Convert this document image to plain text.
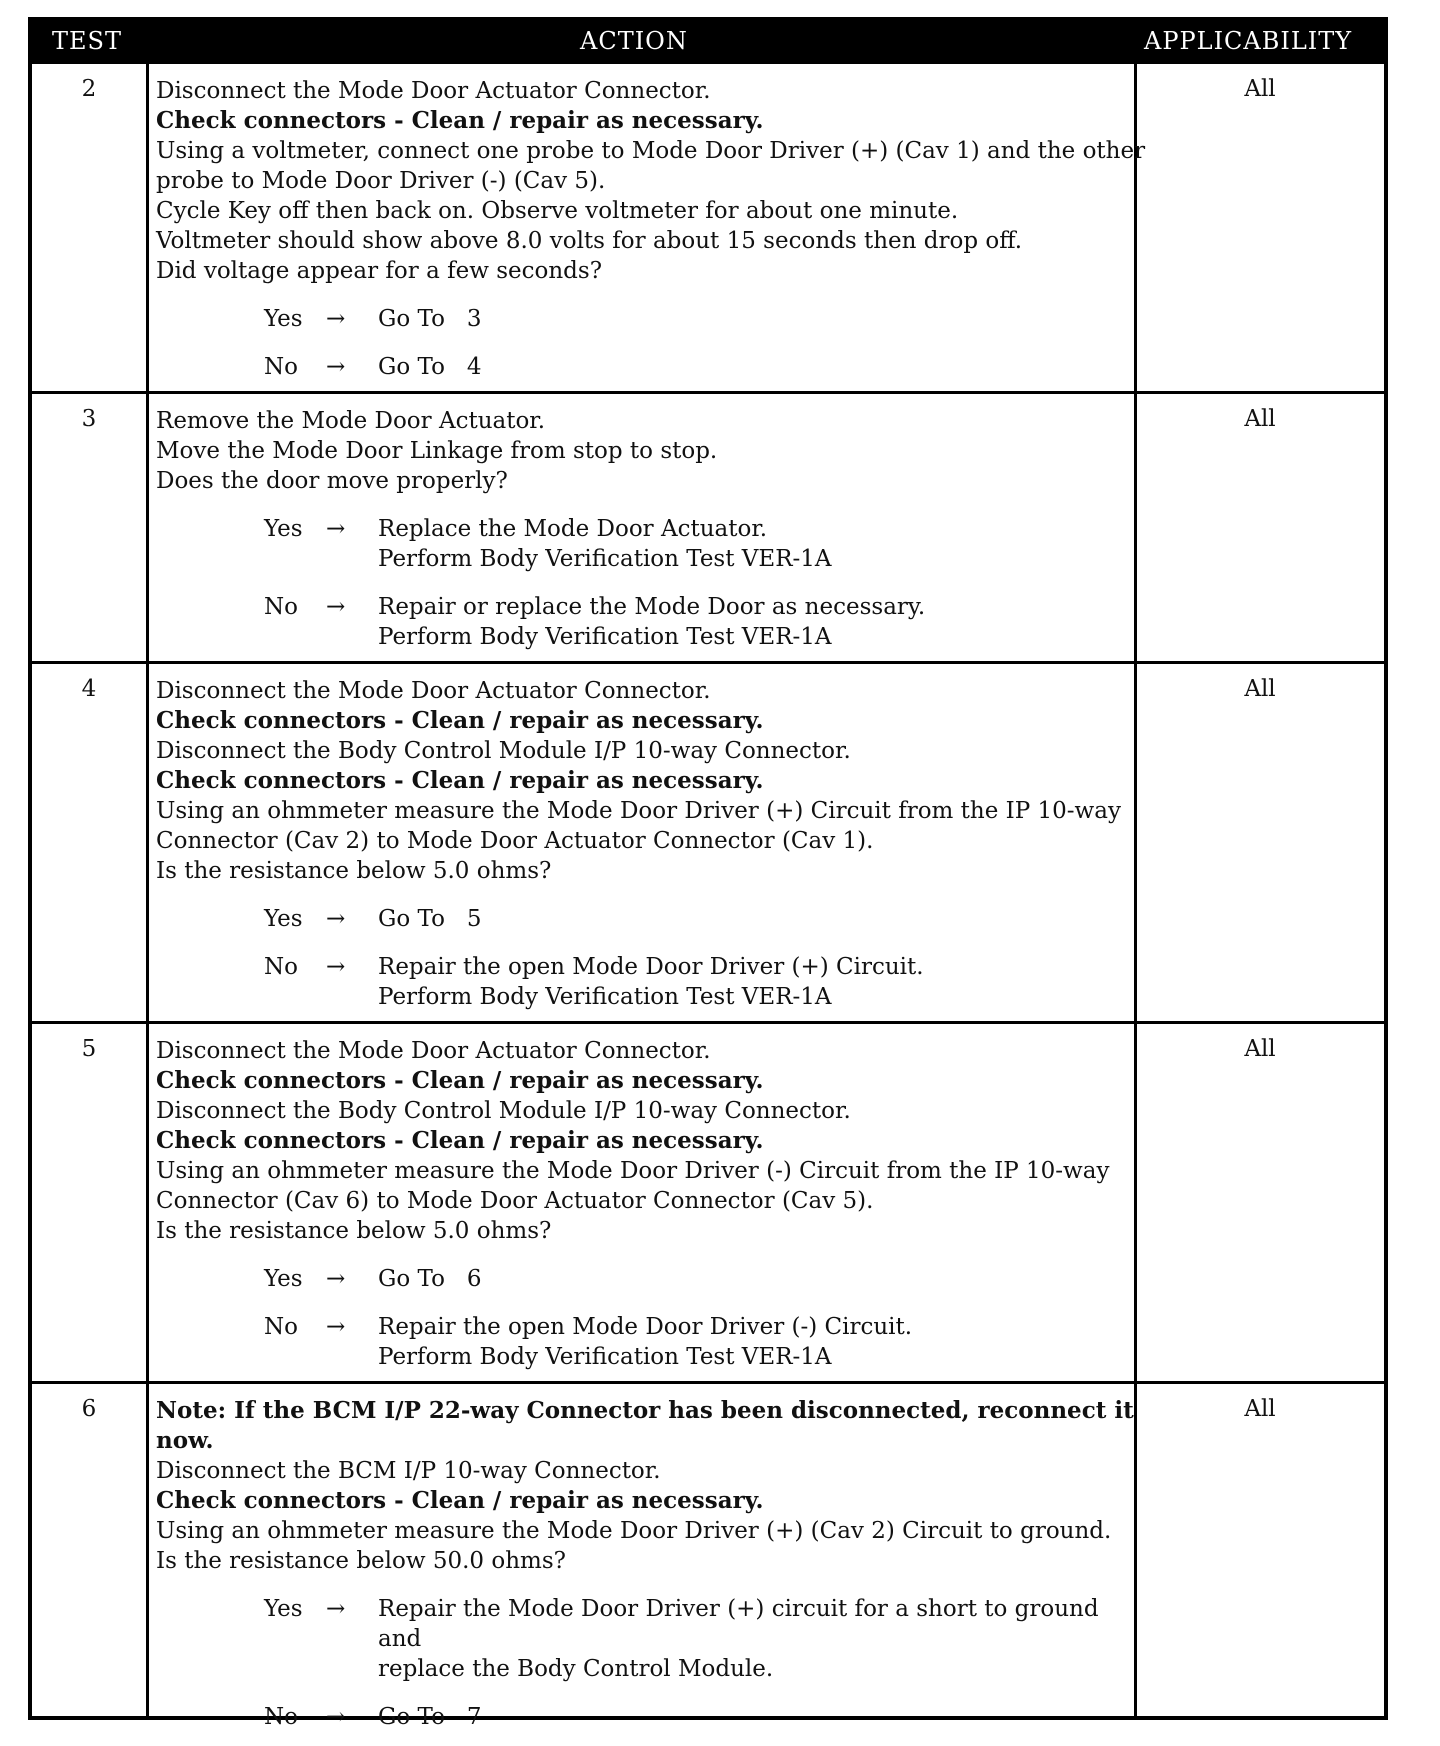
TEST	ACTION	APPLICABILITY
2	Disconnect the Mode Door Actuator Connector.
Check connectors - Clean / repair as necessary.
Using a voltmeter, connect one probe to Mode Door Driver (+) (Cav 1) and the other
probe to Mode Door Driver (-) (Cav 5).
Cycle Key off then back on. Observe voltmeter for about one minute.
Voltmeter should show above 8.0 volts for about 15 seconds then drop off.
Did voltage appear for a few seconds?
Yes → Go To   3
No → Go To   4
All
3	Remove the Mode Door Actuator.
Move the Mode Door Linkage from stop to stop.
Does the door move properly?
Yes → Replace the Mode Door Actuator.
Perform Body Verification Test VER-1A
No → Repair or replace the Mode Door as necessary.
Perform Body Verification Test VER-1A
All
4	Disconnect the Mode Door Actuator Connector.
Check connectors - Clean / repair as necessary.
Disconnect the Body Control Module I/P 10-way Connector.
Check connectors - Clean / repair as necessary.
Using an ohmmeter measure the Mode Door Driver (+) Circuit from the IP 10-way
Connector (Cav 2) to Mode Door Actuator Connector (Cav 1).
Is the resistance below 5.0 ohms?
Yes → Go To   5
No → Repair the open Mode Door Driver (+) Circuit.
Perform Body Verification Test VER-1A
All
5	Disconnect the Mode Door Actuator Connector.
Check connectors - Clean / repair as necessary.
Disconnect the Body Control Module I/P 10-way Connector.
Check connectors - Clean / repair as necessary.
Using an ohmmeter measure the Mode Door Driver (-) Circuit from the IP 10-way
Connector (Cav 6) to Mode Door Actuator Connector (Cav 5).
Is the resistance below 5.0 ohms?
Yes → Go To   6
No → Repair the open Mode Door Driver (-) Circuit.
Perform Body Verification Test VER-1A
All
6	Note: If the BCM I/P 22-way Connector has been disconnected, reconnect it now.
Disconnect the BCM I/P 10-way Connector.
Check connectors - Clean / repair as necessary.
Using an ohmmeter measure the Mode Door Driver (+) (Cav 2) Circuit to ground.
Is the resistance below 50.0 ohms?
Yes → Repair the Mode Door Driver (+) circuit for a short to ground and
replace the Body Control Module.
No → Go To   7
All
